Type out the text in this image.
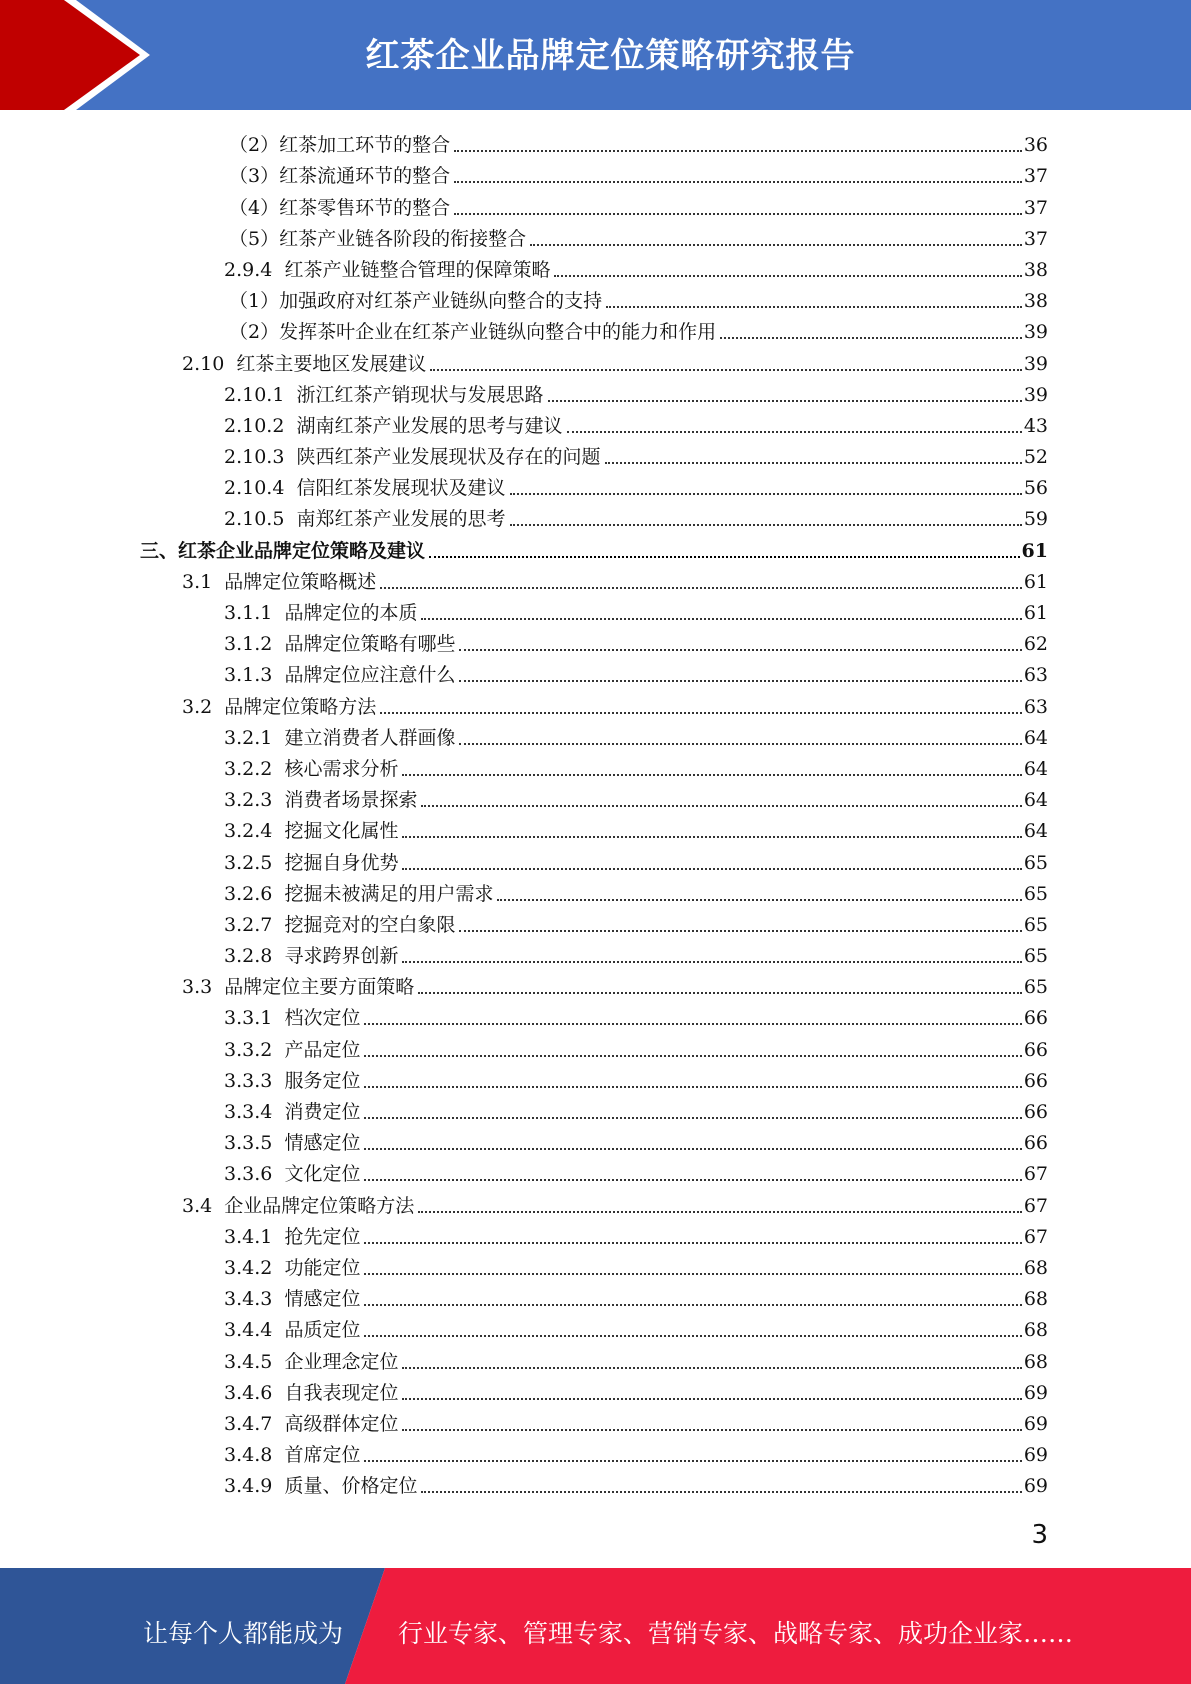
红茶企业品牌定位策略研究报告
（2） 红茶加工环节的整合	36
（3） 红茶流通环节的整合	37
（4） 红茶零售环节的整合	37
（5） 红茶产业链各阶段的衔接整合	37
2.9.4 红茶产业链整合管理的保障策略	38
（1） 加强政府对红茶产业链纵向整合的支持	38
（2） 发挥茶叶企业在红茶产业链纵向整合中的能力和作用	39
2.10 红茶主要地区发展建议	39
2.10.1 浙江红茶产销现状与发展思路	39
2.10.2 湖南红茶产业发展的思考与建议	43
2.10.3 陕西红茶产业发展现状及存在的问题	52
2.10.4 信阳红茶发展现状及建议	56
2.10.5 南郑红茶产业发展的思考	59
三、 红茶企业品牌定位策略及建议	61
3.1 品牌定位策略概述	61
3.1.1 品牌定位的本质	61
3.1.2 品牌定位策略有哪些	62
3.1.3 品牌定位应注意什么	63
3.2 品牌定位策略方法	63
3.2.1 建立消费者人群画像	64
3.2.2 核心需求分析	64
3.2.3 消费者场景探索	64
3.2.4 挖掘文化属性	64
3.2.5 挖掘自身优势	65
3.2.6 挖掘未被满足的用户需求	65
3.2.7 挖掘竞对的空白象限	65
3.2.8 寻求跨界创新	65
3.3 品牌定位主要方面策略	65
3.3.1 档次定位	66
3.3.2 产品定位	66
3.3.3 服务定位	66
3.3.4 消费定位	66
3.3.5 情感定位	66
3.3.6 文化定位	67
3.4 企业品牌定位策略方法	67
3.4.1 抢先定位	67
3.4.2 功能定位	68
3.4.3 情感定位	68
3.4.4 品质定位	68
3.4.5 企业理念定位	68
3.4.6 自我表现定位	69
3.4.7 高级群体定位	69
3.4.8 首席定位	69
3.4.9 质量、价格定位	69
3
让每个人都能成为 行业专家、管理专家、营销专家、战略专家、成功企业家……
